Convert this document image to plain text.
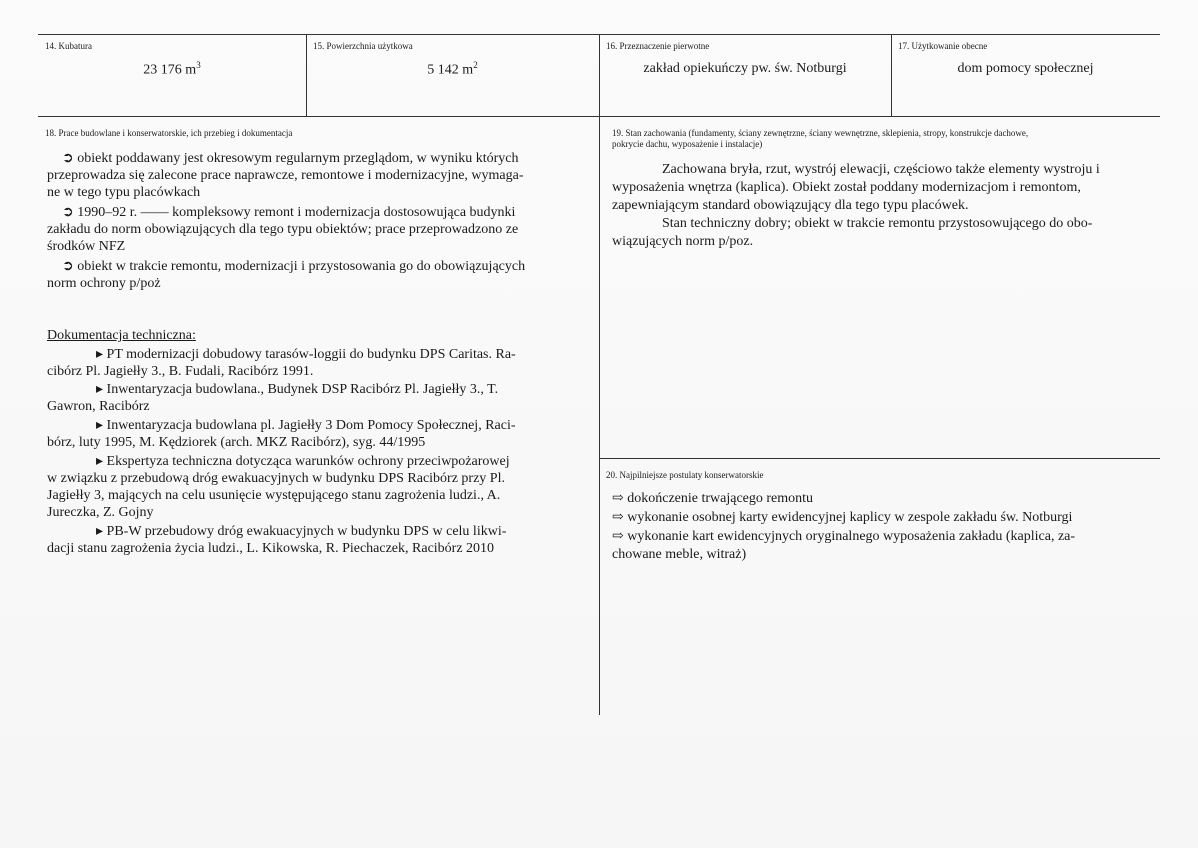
14. Kubatura
23 176 $m^3$
15. Powierzchnia użytkowa
5 142 $m^2$
16. Przeznaczenie pierwotne
zakład opiekuńczy pw. św. Notburgi
17. Użytkowanie obecne
dom pomocy społecznej
18. Prace budowlane i konserwatorskie, ich przebieg i dokumentacja
➲ obiekt poddawany jest okresowym regularnym przeglądom, w wyniku których
przeprowadza się zalecone prace naprawcze, remontowe i modernizacyjne, wymaga-
ne w tego typu placówkach
➲ 1990–92 r. —— kompleksowy remont i modernizacja dostosowująca budynki
zakładu do norm obowiązujących dla tego typu obiektów; prace przeprowadzono ze
środków NFZ
➲ obiekt w trakcie remontu, modernizacji i przystosowania go do obowiązujących
norm ochrony p/poż
Dokumentacja techniczna:
▸ PT modernizacji dobudowy tarasów-loggii do budynku DPS Caritas. Ra-
cibórz Pl. Jagiełły 3., B. Fudali, Racibórz 1991.
▸ Inwentaryzacja budowlana., Budynek DSP Racibórz Pl. Jagiełły 3., T.
Gawron, Racibórz
▸ Inwentaryzacja budowlana pl. Jagiełły 3 Dom Pomocy Społecznej, Raci-
bórz, luty 1995, M. Kędziorek (arch. MKZ Racibórz), syg. 44/1995
▸ Ekspertyza techniczna dotycząca warunków ochrony przeciwpożarowej
w związku z przebudową dróg ewakuacyjnych w budynku DPS Racibórz przy Pl.
Jagiełły 3, mających na celu usunięcie występującego stanu zagrożenia ludzi., A.
Jureczka, Z. Gojny
▸ PB-W przebudowy dróg ewakuacyjnych w budynku DPS w celu likwi-
dacji stanu zagrożenia życia ludzi., L. Kikowska, R. Piechaczek, Racibórz 2010
19. Stan zachowania (fundamenty, ściany zewnętrzne, ściany wewnętrzne, sklepienia, stropy, konstrukcje dachowe,
pokrycie dachu, wyposażenie i instalacje)
Zachowana bryła, rzut, wystrój elewacji, częściowo także elementy wystroju i
wyposażenia wnętrza (kaplica). Obiekt został poddany modernizacjom i remontom,
zapewniającym standard obowiązujący dla tego typu placówek.
Stan techniczny dobry; obiekt w trakcie remontu przystosowującego do obo-
wiązujących norm p/poz.
20. Najpilniejsze postulaty konserwatorskie
⇨ dokończenie trwającego remontu
⇨ wykonanie osobnej karty ewidencyjnej kaplicy w zespole zakładu św. Notburgi
⇨ wykonanie kart ewidencyjnych oryginalnego wyposażenia zakładu (kaplica, za-
chowane meble, witraż)
